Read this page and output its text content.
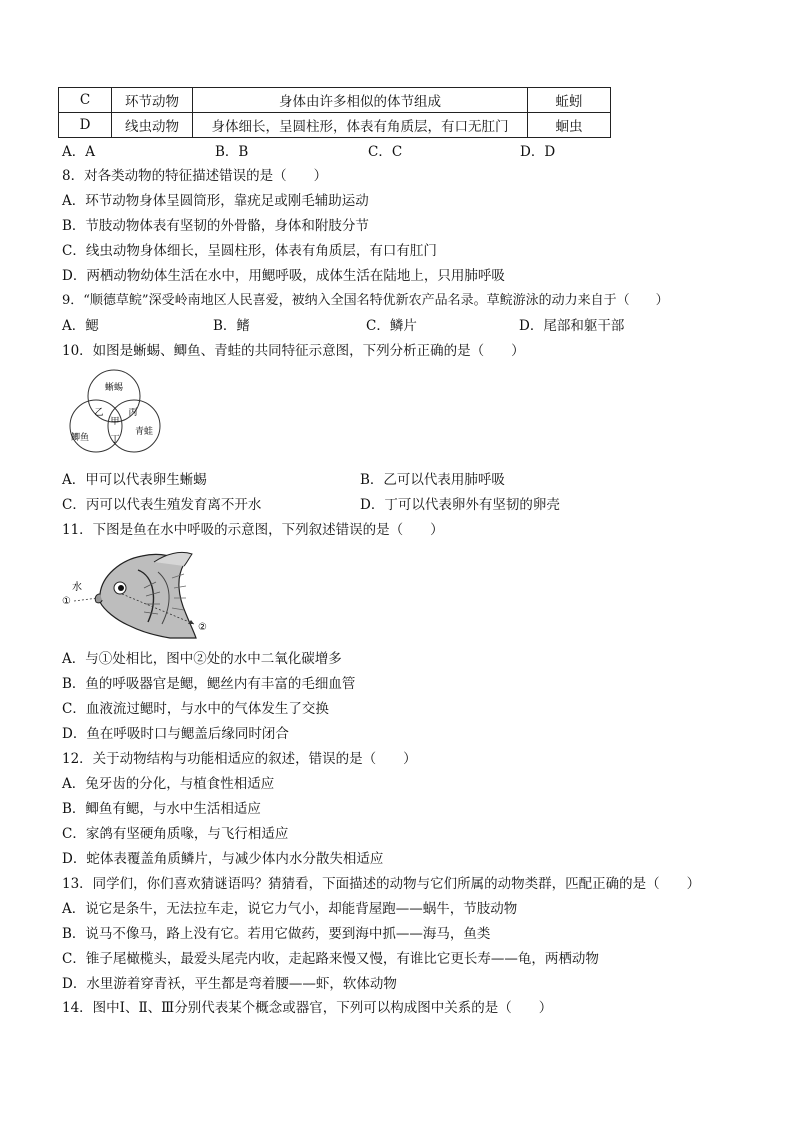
C	环节动物	身体由许多相似的体节组成	蚯蚓
D	线虫动物	身体细长，呈圆柱形，体表有角质层，有口无肛门	蛔虫
A．A	B．B	C．C	D．D
8．对各类动物的特征描述错误的是（　　）
A．环节动物身体呈圆筒形，靠疣足或刚毛辅助运动
B．节肢动物体表有坚韧的外骨骼，身体和附肢分节
C．线虫动物身体细长，呈圆柱形，体表有角质层，有口有肛门
D．两栖动物幼体生活在水中，用鳃呼吸，成体生活在陆地上，只用肺呼吸
9．“顺德草鲩”深受岭南地区人民喜爱，被纳入全国名特优新农产品名录。草鲩游泳的动力来自于（　　）
A．鳃	B．鳍	C．鳞片	D．尾部和躯干部
10．如图是蜥蜴、鲫鱼、青蛙的共同特征示意图，下列分析正确的是（　　）
蜥蜴
鲫鱼
青蛙
乙
甲
丙
丁
A．甲可以代表卵生蜥蜴	B．乙可以代表用肺呼吸
C．丙可以代表生殖发育离不开水	D．丁可以代表卵外有坚韧的卵壳
11．下图是鱼在水中呼吸的示意图，下列叙述错误的是（　　）
水
①
②
A．与①处相比，图中②处的水中二氧化碳增多
B．鱼的呼吸器官是鳃，鳃丝内有丰富的毛细血管
C．血液流过鳃时，与水中的气体发生了交换
D．鱼在呼吸时口与鳃盖后缘同时闭合
12．关于动物结构与功能相适应的叙述，错误的是（　　）
A．兔牙齿的分化，与植食性相适应
B．鲫鱼有鳃，与水中生活相适应
C．家鸽有坚硬角质喙，与飞行相适应
D．蛇体表覆盖角质鳞片，与减少体内水分散失相适应
13．同学们，你们喜欢猜谜语吗？猜猜看，下面描述的动物与它们所属的动物类群，匹配正确的是（　　）
A．说它是条牛，无法拉车走，说它力气小，却能背屋跑——蜗牛，节肢动物
B．说马不像马，路上没有它。若用它做药，要到海中抓——海马，鱼类
C．锥子尾橄榄头，最爱头尾壳内收，走起路来慢又慢，有谁比它更长寿——龟，两栖动物
D．水里游着穿青袄，平生都是弯着腰——虾，软体动物
14．图中Ⅰ、Ⅱ、Ⅲ分别代表某个概念或器官，下列可以构成图中关系的是（　　）
